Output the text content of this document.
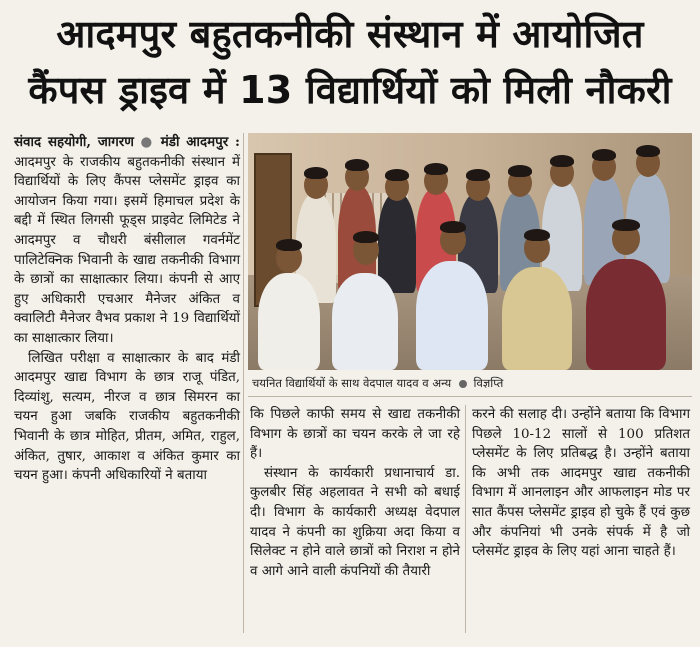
आदमपुर बहुतकनीकी संस्थान में आयोजित
कैंपस ड्राइव में 13 विद्यार्थियों को मिली नौकरी

संवाद सहयोगी, जागरण ● मंडी आदमपुर : आदमपुर के राजकीय बहुतकनीकी संस्थान में विद्यार्थियों के लिए कैंपस प्लेसमेंट ड्राइव का आयोजन किया गया। इसमें हिमाचल प्रदेश के बद्दी में स्थित लिगसी फूड्स प्राइवेट लिमिटेड ने आदमपुर व चौधरी बंसीलाल गवर्नमेंट पालिटेक्निक भिवानी के खाद्य तकनीकी विभाग के छात्रों का साक्षात्कार लिया। कंपनी से आए हुए अधिकारी एचआर मैनेजर अंकित व क्वालिटी मैनेजर वैभव प्रकाश ने 19 विद्यार्थियों का साक्षात्कार लिया।

लिखित परीक्षा व साक्षात्कार के बाद मंडी आदमपुर खाद्य विभाग के छात्र राजू पंडित, दिव्यांशु, सत्यम, नीरज व छात्र सिमरन का चयन हुआ जबकि राजकीय बहुतकनीकी भिवानी के छात्र मोहित, प्रीतम, अमित, राहुल, अंकित, तुषार, आकाश व अंकित कुमार का चयन हुआ। कंपनी अधिकारियों ने बताया

चयनित विद्यार्थियों के साथ वेदपाल यादव व अन्य विज्ञप्ति

कि पिछले काफी समय से खाद्य तकनीकी विभाग के छात्रों का चयन करके ले जा रहे हैं।

संस्थान के कार्यकारी प्रधानाचार्य डा. कुलबीर सिंह अहलावत ने सभी को बधाई दी। विभाग के कार्यकारी अध्यक्ष वेदपाल यादव ने कंपनी का शुक्रिया अदा किया व सिलेक्ट न होने वाले छात्रों को निराश न होने व आगे आने वाली कंपनियों की तैयारी

करने की सलाह दी। उन्होंने बताया कि विभाग पिछले 10-12 सालों से 100 प्रतिशत प्लेसमेंट के लिए प्रतिबद्ध है। उन्होंने बताया कि अभी तक आदमपुर खाद्य तकनीकी विभाग में आनलाइन और आफलाइन मोड पर सात कैंपस प्लेसमेंट ड्राइव हो चुके हैं एवं कुछ और कंपनियां भी उनके संपर्क में है जो प्लेसमेंट ड्राइव के लिए यहां आना चाहते हैं।
